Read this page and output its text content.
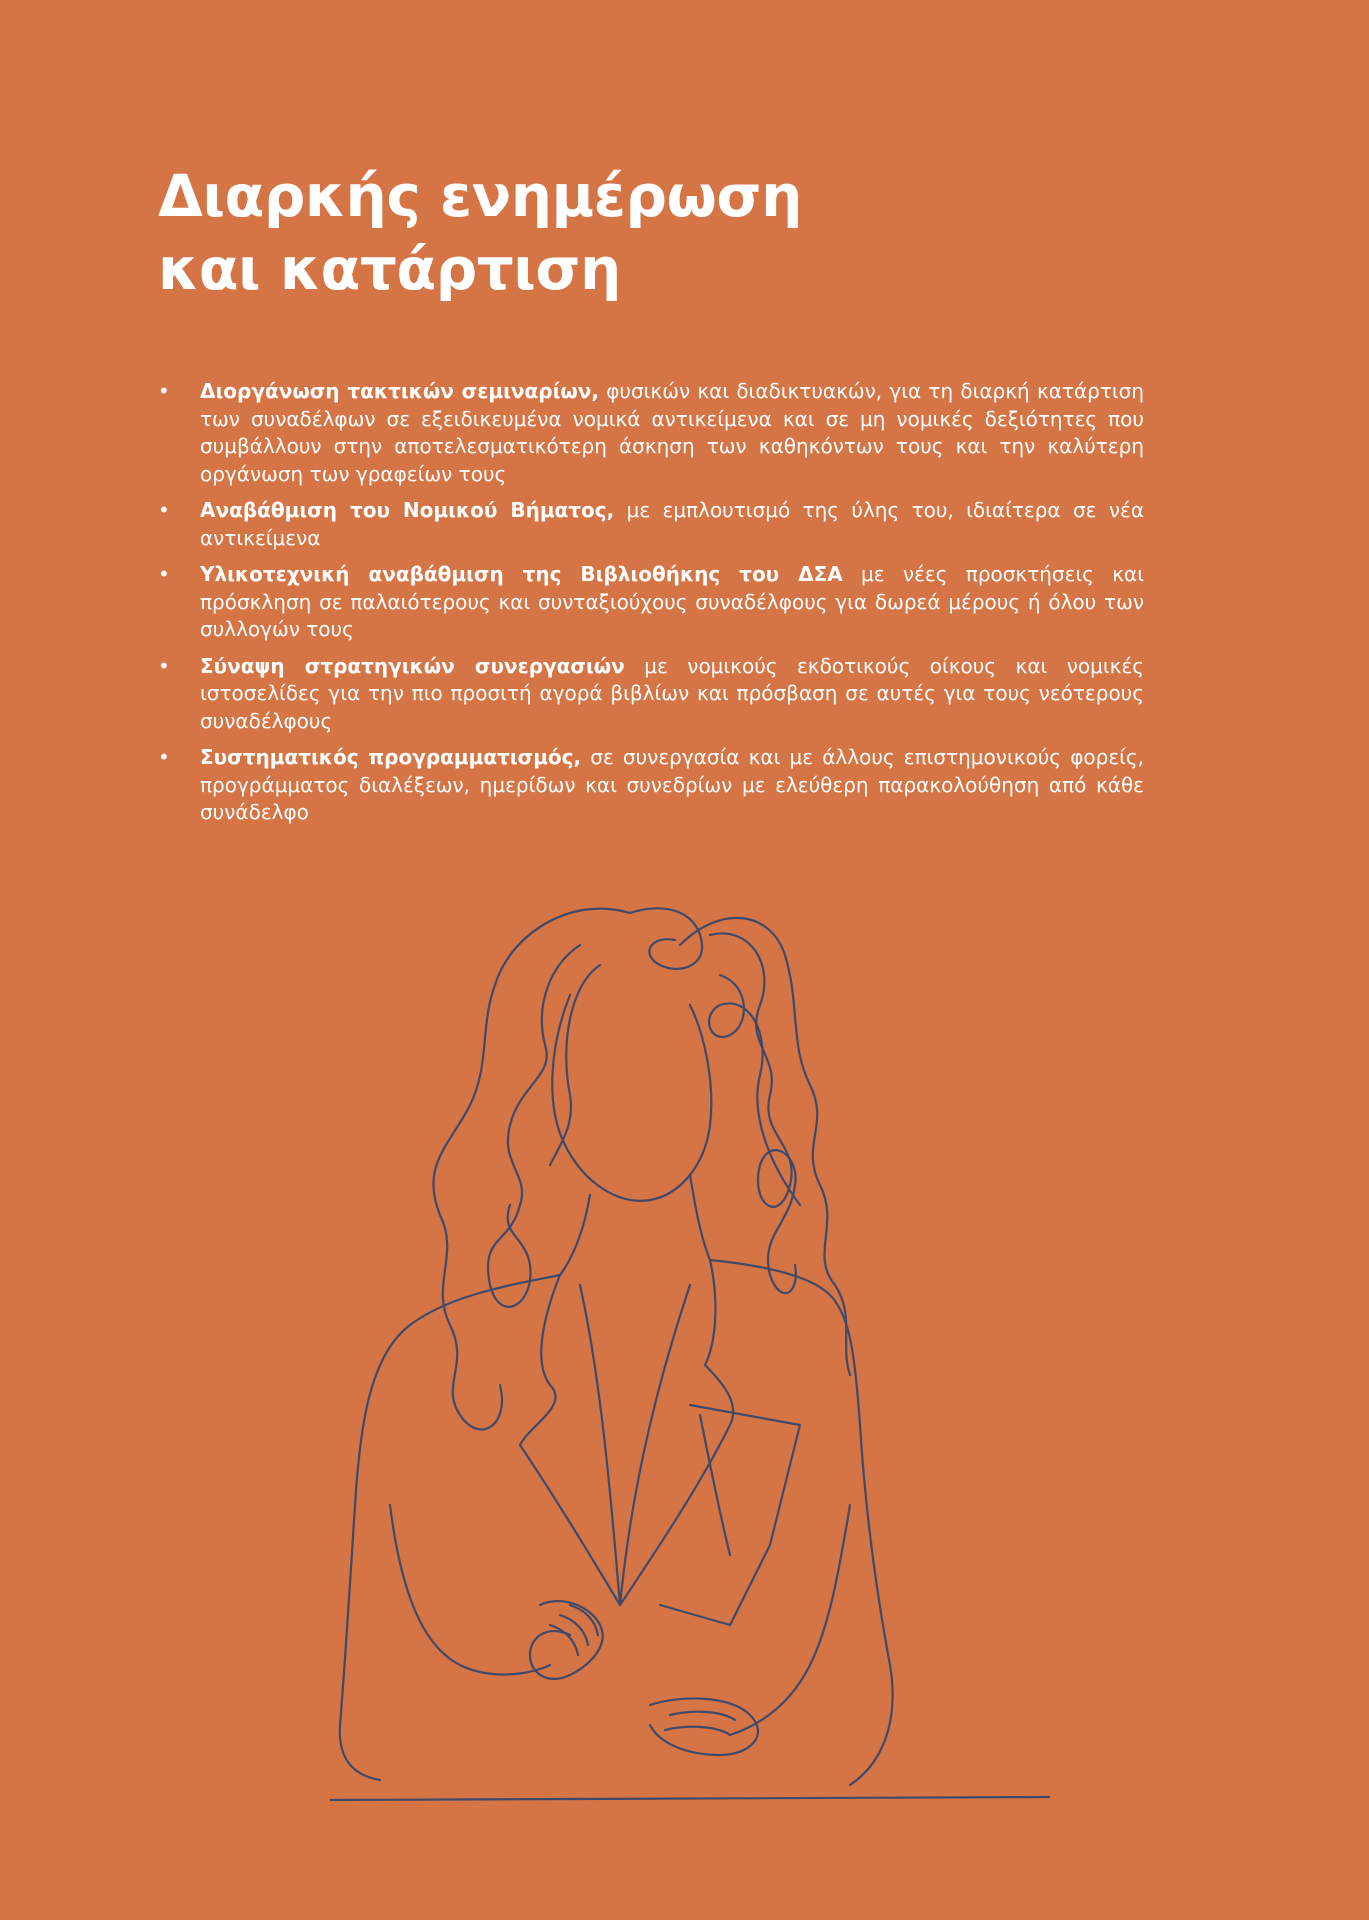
Διαρκής ενημέρωση
και κατάρτιση
• Διοργάνωση τακτικών σεμιναρίων, φυσικών και διαδικτυακών, για τη διαρκή κατάρτιση των συναδέλφων σε εξειδικευμένα νομικά αντικείμενα και σε μη νομικές δεξιότητες που συμβάλλουν στην αποτελεσματικότερη άσκηση των καθηκόντων τους και την καλύτερη οργάνωση των γραφείων τους
• Αναβάθμιση του Νομικού Βήματος, με εμπλουτισμό της ύλης του, ιδιαίτερα σε νέα αντικείμενα
• Υλικοτεχνική αναβάθμιση της Βιβλιοθήκης του ΔΣΑ με νέες προσκτήσεις και πρόσκληση σε παλαιότερους και συνταξιούχους συναδέλφους για δωρεά μέρους ή όλου των συλλογών τους
• Σύναψη στρατηγικών συνεργασιών με νομικούς εκδοτικούς οίκους και νομικές ιστοσελίδες για την πιο προσιτή αγορά βιβλίων και πρόσβαση σε αυτές για τους νεότερους συναδέλφους
• Συστηματικός προγραμματισμός, σε συνεργασία και με άλλους επιστημονικούς φορείς, προγράμματος διαλέξεων, ημερίδων και συνεδρίων με ελεύθερη παρακολούθηση από κάθε συνάδελφο
